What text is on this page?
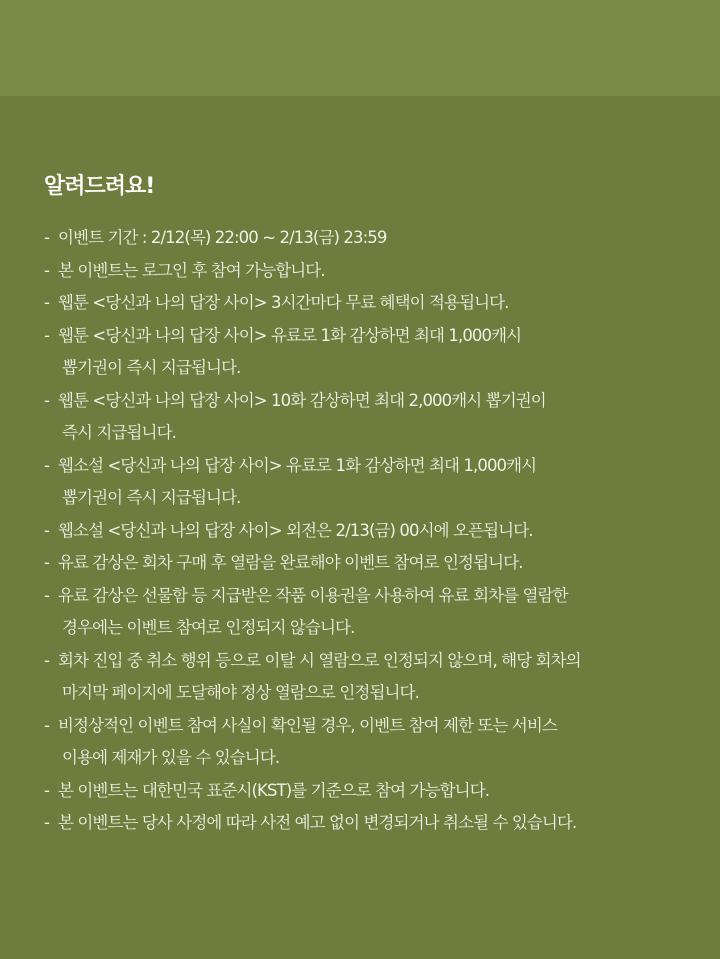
알려드려요!
- 이벤트 기간 : 2/12(목) 22:00 ~ 2/13(금) 23:59
- 본 이벤트는 로그인 후 참여 가능합니다.
- 웹툰 <당신과 나의 답장 사이> 3시간마다 무료 혜택이 적용됩니다.
- 웹툰 <당신과 나의 답장 사이> 유료로 1화 감상하면 최대 1,000캐시
뽑기권이 즉시 지급됩니다.
- 웹툰 <당신과 나의 답장 사이> 10화 감상하면 최대 2,000캐시 뽑기권이
즉시 지급됩니다.
- 웹소설 <당신과 나의 답장 사이> 유료로 1화 감상하면 최대 1,000캐시
뽑기권이 즉시 지급됩니다.
- 웹소설 <당신과 나의 답장 사이> 외전은 2/13(금) 00시에 오픈됩니다.
- 유료 감상은 회차 구매 후 열람을 완료해야 이벤트 참여로 인정됩니다.
- 유료 감상은 선물함 등 지급받은 작품 이용권을 사용하여 유료 회차를 열람한
경우에는 이벤트 참여로 인정되지 않습니다.
- 회차 진입 중 취소 행위 등으로 이탈 시 열람으로 인정되지 않으며, 해당 회차의
마지막 페이지에 도달해야 정상 열람으로 인정됩니다.
- 비정상적인 이벤트 참여 사실이 확인될 경우, 이벤트 참여 제한 또는 서비스
이용에 제재가 있을 수 있습니다.
- 본 이벤트는 대한민국 표준시(KST)를 기준으로 참여 가능합니다.
- 본 이벤트는 당사 사정에 따라 사전 예고 없이 변경되거나 취소될 수 있습니다.
